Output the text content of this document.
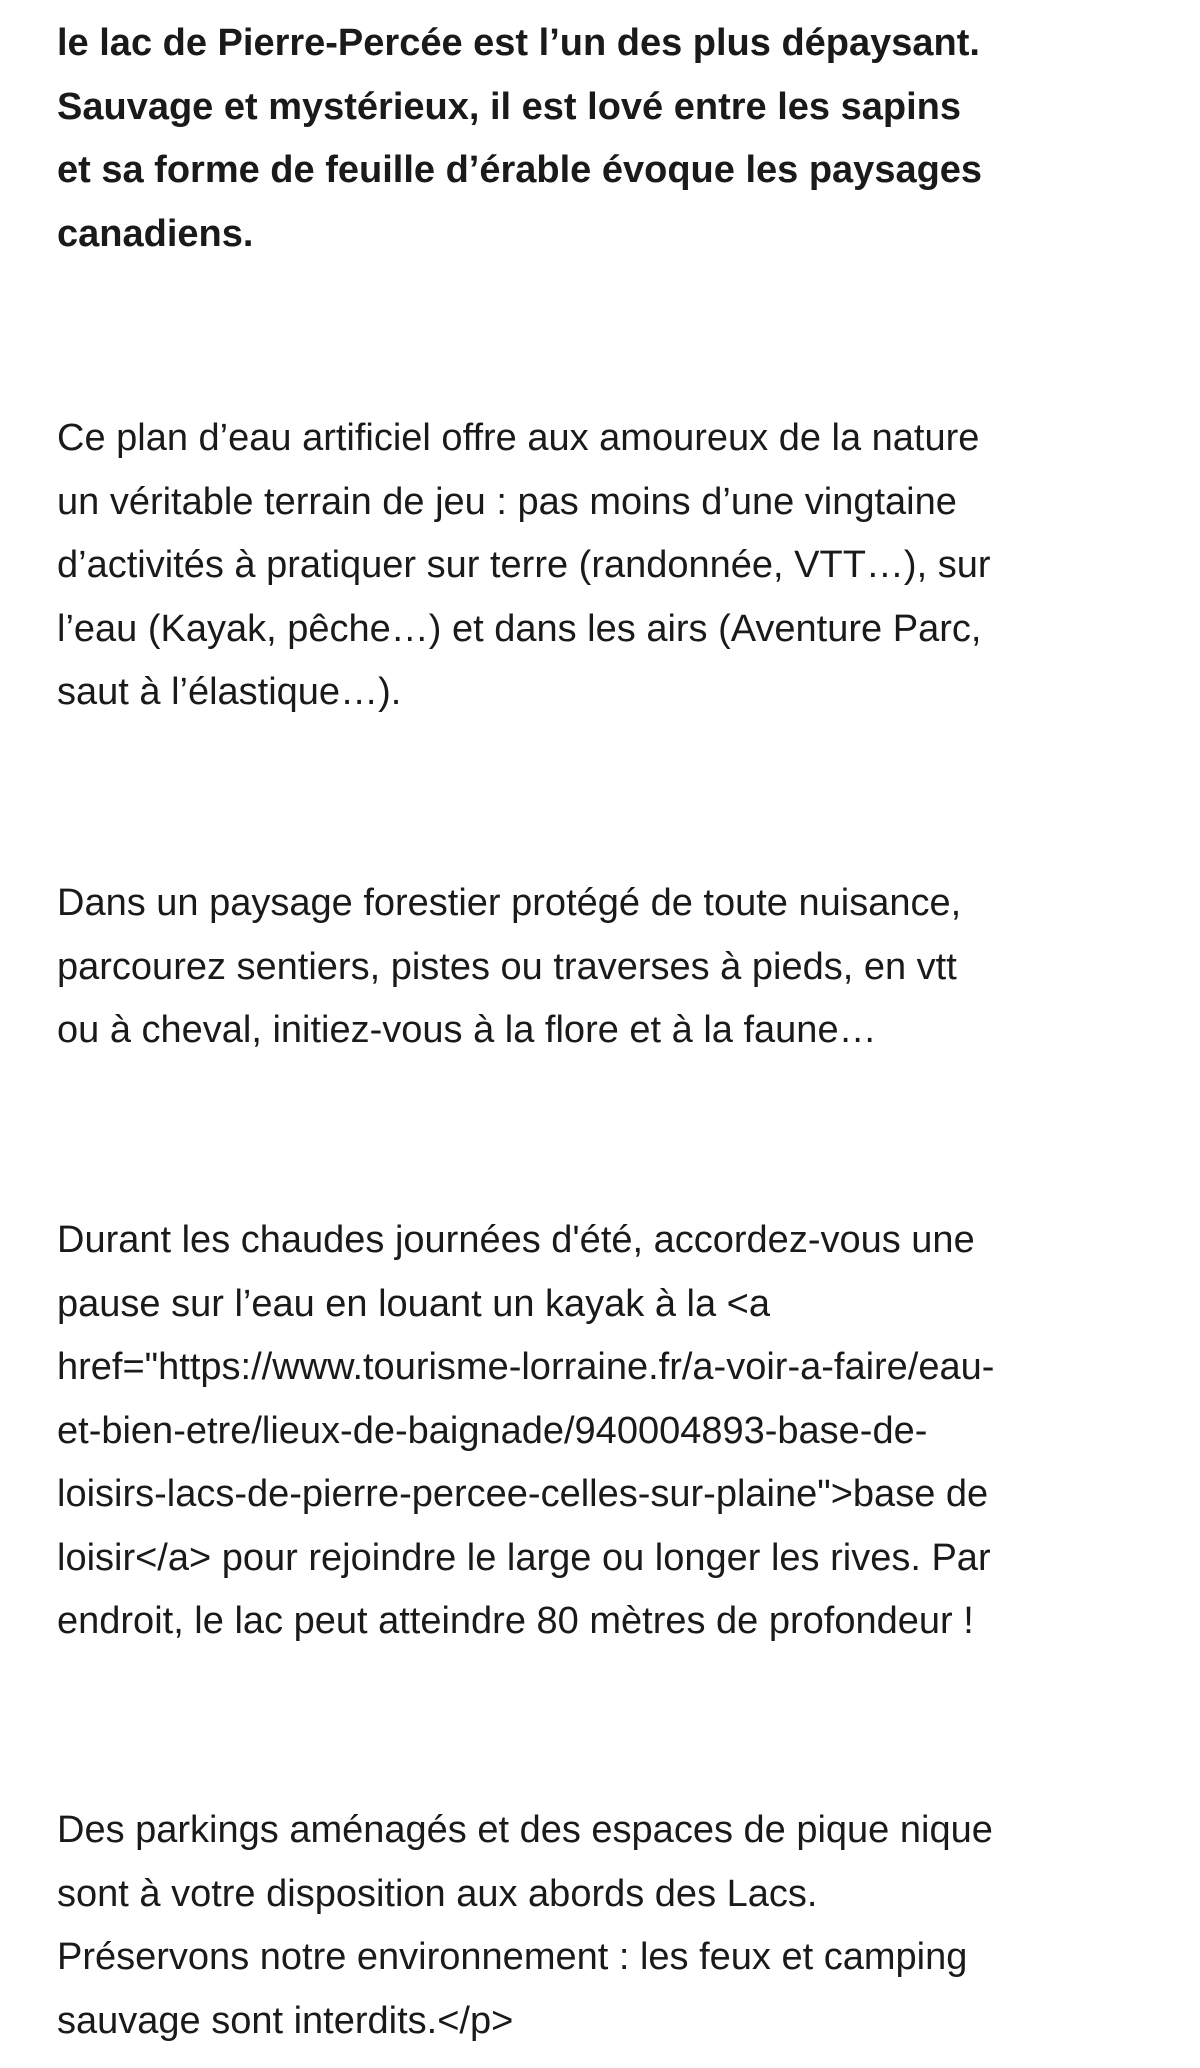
le lac de Pierre-Percée est l’un des plus dépaysant.
Sauvage et mystérieux, il est lové entre les sapins
et sa forme de feuille d’érable évoque les paysages
canadiens.

Ce plan d’eau artificiel offre aux amoureux de la nature
un véritable terrain de jeu : pas moins d’une vingtaine
d’activités à pratiquer sur terre (randonnée, VTT…), sur
l’eau (Kayak, pêche…) et dans les airs (Aventure Parc,
saut à l’élastique…).

Dans un paysage forestier protégé de toute nuisance,
parcourez sentiers, pistes ou traverses à pieds, en vtt
ou à cheval, initiez-vous à la flore et à la faune…

Durant les chaudes journées d'été, accordez-vous une
pause sur l’eau en louant un kayak à la <a
href="https://www.tourisme-lorraine.fr/a-voir-a-faire/eau-
et-bien-etre/lieux-de-baignade/940004893-base-de-
loisirs-lacs-de-pierre-percee-celles-sur-plaine">base de
loisir</a> pour rejoindre le large ou longer les rives. Par
endroit, le lac peut atteindre 80 mètres de profondeur !

Des parkings aménagés et des espaces de pique nique
sont à votre disposition aux abords des Lacs.
Préservons notre environnement : les feux et camping
sauvage sont interdits.</p>
